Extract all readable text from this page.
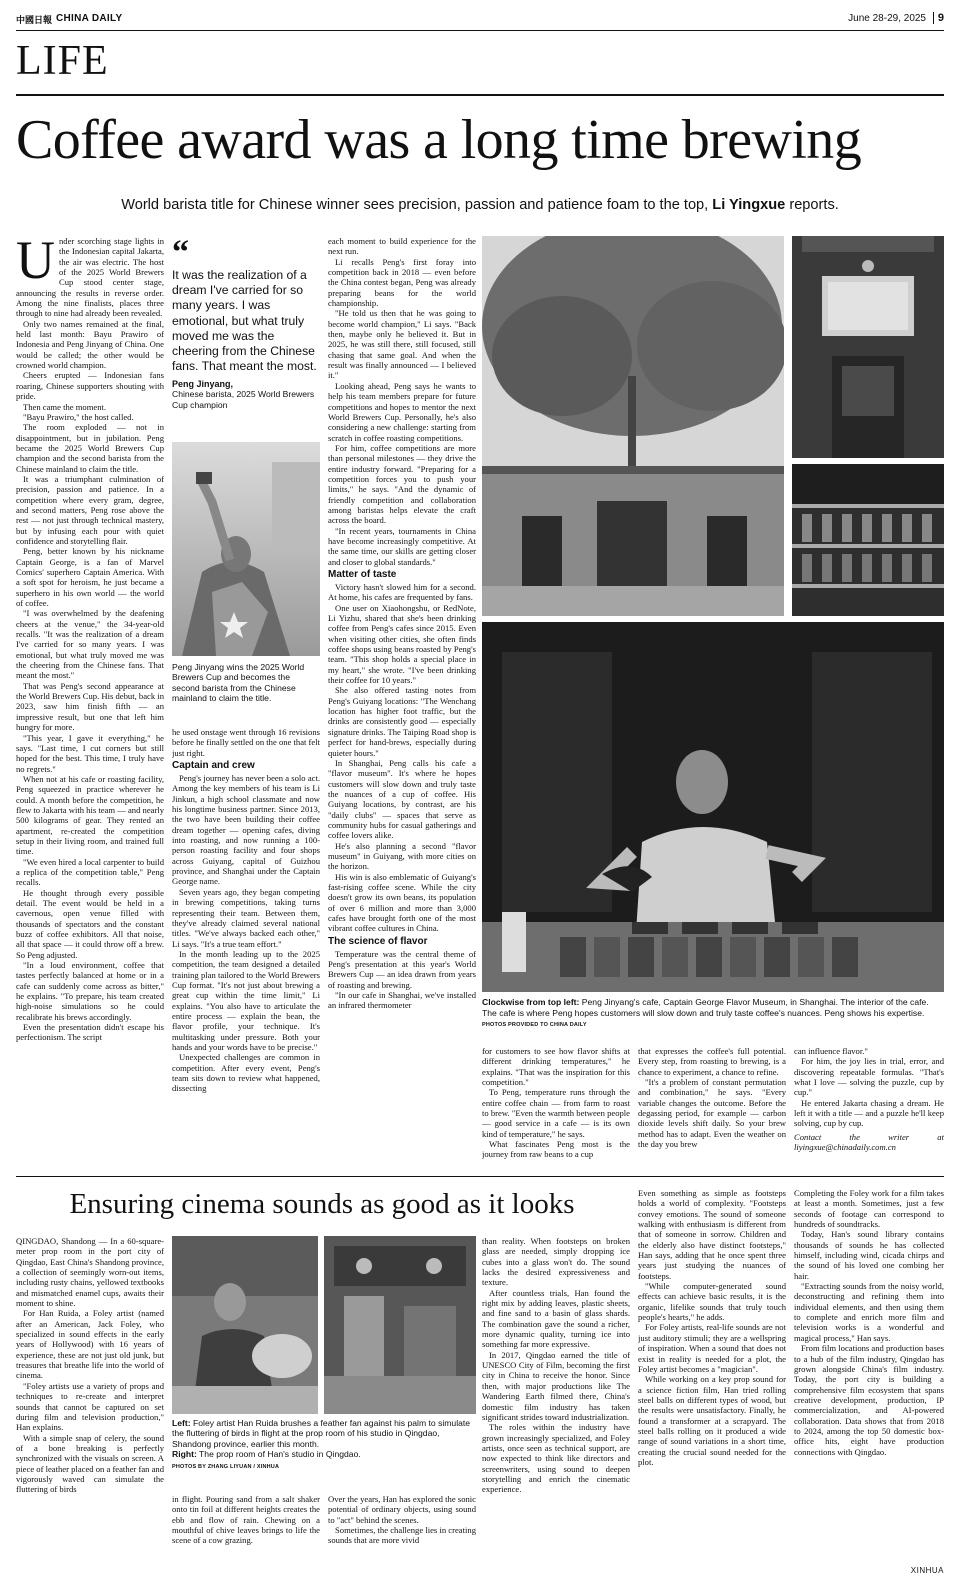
中國日報 CHINA DAILY	June 28-29, 2025	9
LIFE
Coffee award was a long time brewing
World barista title for Chinese winner sees precision, passion and patience foam to the top, Li Yingxue reports.
U nder scorching stage lights in the Indonesian capital Jakarta, the air was electric. The host of the 2025 World Brewers Cup stood center stage, announcing the results in reverse order. Among the nine finalists, places three through to nine had already been revealed.

Only two names remained at the final, held last month: Bayu Prawiro of Indonesia and Peng Jinyang of China. One would be called; the other would be crowned world champion.

Cheers erupted — Indonesian fans roaring, Chinese supporters shouting with pride.

Then came the moment.

"Bayu Prawiro," the host called.

The room exploded — not in disappointment, but in jubilation. Peng became the 2025 World Brewers Cup champion and the second barista from the Chinese mainland to claim the title.

It was a triumphant culmination of precision, passion and patience. In a competition where every gram, degree, and second matters, Peng rose above the rest — not just through technical mastery, but by infusing each pour with quiet confidence and storytelling flair.

Peng, better known by his nickname Captain George, is a fan of Marvel Comics' superhero Captain America. With a soft spot for heroism, he just became a superhero in his own world — the world of coffee.

"I was overwhelmed by the deafening cheers at the venue," the 34-year-old recalls. "It was the realization of a dream I've carried for so many years. I was emotional, but what truly moved me was the cheering from the Chinese fans. That meant the most."

That was Peng's second appearance at the World Brewers Cup. His debut, back in 2023, saw him finish fifth — an impressive result, but one that left him hungry for more.

"This year, I gave it everything," he says. "Last time, I cut corners but still hoped for the best. This time, I truly have no regrets."

When not at his cafe or roasting facility, Peng squeezed in practice wherever he could. A month before the competition, he flew to Jakarta with his team — and nearly 500 kilograms of gear. They rented an apartment, re-created the competition setup in their living room, and trained full time.

"We even hired a local carpenter to build a replica of the competition table," Peng recalls.

He thought through every possible detail. The event would be held in a cavernous, open venue filled with thousands of spectators and the constant buzz of coffee exhibitors. All that noise, all that space — it could throw off a brew. So Peng adjusted.

"In a loud environment, coffee that tastes perfectly balanced at home or in a cafe can suddenly come across as bitter," he explains. "To prepare, his team created high-noise simulations so he could recalibrate his brews accordingly.

Even the presentation didn't escape his perfectionism. The script

“
It was the realization of a dream I've carried for so many years. I was emotional, but what truly moved me was the cheering from the Chinese fans. That meant the most.
Peng Jinyang,
Chinese barista, 2025 World Brewers Cup champion
Peng Jinyang wins the 2025 World Brewers Cup and becomes the second barista from the Chinese mainland to claim the title.

he used onstage went through 16 revisions before he finally settled on the one that felt just right.

Captain and crew

Peng's journey has never been a solo act. Among the key members of his team is Li Jinkun, a high school classmate and now his longtime business partner. Since 2013, the two have been building their coffee dream together — opening cafes, diving into roasting, and now running a 100-person roasting facility and four shops across Guiyang, capital of Guizhou province, and Shanghai under the Captain George name.

Seven years ago, they began competing in brewing competitions, taking turns representing their team. Between them, they've already claimed several national titles. "We've always backed each other," Li says. "It's a true team effort."

In the month leading up to the 2025 competition, the team designed a detailed training plan tailored to the World Brewers Cup format. "It's not just about brewing a great cup within the time limit," Li explains. "You also have to articulate the entire process — explain the bean, the flavor profile, your technique. It's multitasking under pressure. Both your hands and your words have to be precise."

Unexpected challenges are common in competition. After every event, Peng's team sits down to review what happened, dissecting

each moment to build experience for the next run.

Li recalls Peng's first foray into competition back in 2018 — even before the China contest began, Peng was already preparing beans for the world championship.

"He told us then that he was going to become world champion," Li says. "Back then, maybe only he believed it. But in 2025, he was still there, still focused, still chasing that same goal. And when the result was finally announced — I believed it."

Looking ahead, Peng says he wants to help his team members prepare for future competitions and hopes to mentor the next World Brewers Cup. Personally, he's also considering a new challenge: starting from scratch in coffee roasting competitions.

For him, coffee competitions are more than personal milestones — they drive the entire industry forward. "Preparing for a competition forces you to push your limits," he says. "And the dynamic of friendly competition and collaboration among baristas helps elevate the craft across the board.

"In recent years, tournaments in China have become increasingly competitive. At the same time, our skills are getting closer and closer to global standards."

Matter of taste

Victory hasn't slowed him for a second. At home, his cafes are frequented by fans.

One user on Xiaohongshu, or RedNote, Li Yizhu, shared that she's been drinking coffee from Peng's cafes since 2015. Even when visiting other cities, she often finds coffee shops using beans roasted by Peng's team. "This shop holds a special place in my heart," she wrote. "I've been drinking their coffee for 10 years."

She also offered tasting notes from Peng's Guiyang locations: "The Wenchang location has higher foot traffic, but the drinks are consistently good — especially signature drinks. The Taiping Road shop is perfect for hand-brews, especially during quieter hours."

In Shanghai, Peng calls his cafe a "flavor museum". It's where he hopes customers will slow down and truly taste the nuances of a cup of coffee. His Guiyang locations, by contrast, are his "daily clubs" — spaces that serve as community hubs for casual gatherings and coffee lovers alike.

He's also planning a second "flavor museum" in Guiyang, with more cities on the horizon.

His win is also emblematic of Guiyang's fast-rising coffee scene. While the city doesn't grow its own beans, its population of over 6 million and more than 3,000 cafes have brought forth one of the most vibrant coffee cultures in China.

The science of flavor

Temperature was the central theme of Peng's presentation at this year's World Brewers Cup — an idea drawn from years of roasting and brewing.

"In our cafe in Shanghai, we've installed an infrared thermometer	Clockwise from top left: Peng Jinyang's cafe, Captain George Flavor Museum, in Shanghai. The interior of the cafe. The cafe is where Peng hopes customers will slow down and truly taste coffee's nuances. Peng shows his expertise. PHOTOS PROVIDED TO CHINA DAILY

for customers to see how flavor shifts at different drinking temperatures," he explains. "That was the inspiration for this competition."

To Peng, temperature runs through the entire coffee chain — from farm to roast to brew. "Even the warmth between people — good service in a cafe — is its own kind of temperature," he says.

What fascinates Peng most is the journey from raw beans to a cup

that expresses the coffee's full potential. Every step, from roasting to brewing, is a chance to experiment, a chance to refine.

"It's a problem of constant permutation and combination," he says. "Every variable changes the outcome. Before the degassing period, for example — carbon dioxide levels shift daily. So your brew method has to adapt. Even the weather on the day you brew

can influence flavor."

For him, the joy lies in trial, error, and discovering repeatable formulas. "That's what I love — solving the puzzle, cup by cup."

He entered Jakarta chasing a dream. He left it with a title — and a puzzle he'll keep solving, cup by cup.

Contact the writer at liyingxue@chinadaily.com.cn

Ensuring cinema sounds as good as it looks

QINGDAO, Shandong — In a 60-square-meter prop room in the port city of Qingdao, East China's Shandong province, a collection of seemingly worn-out items, including rusty chains, yellowed textbooks and mismatched enamel cups, awaits their moment to shine.

For Han Ruida, a Foley artist (named after an American, Jack Foley, who specialized in sound effects in the early years of Hollywood) with 16 years of experience, these are not just old junk, but treasures that breathe life into the world of cinema.

"Foley artists use a variety of props and techniques to re-create and interpret sounds that cannot be captured on set during film and television production," Han explains.

With a simple snap of celery, the sound of a bone breaking is perfectly synchronized with the visuals on screen. A piece of leather placed on a feather fan and vigorously waved can simulate the fluttering of birds

Left: Foley artist Han Ruida brushes a feather fan against his palm to simulate the fluttering of birds in flight at the prop room of his studio in Qingdao, Shandong province, earlier this month.
Right: The prop room of Han's studio in Qingdao.
PHOTOS BY ZHANG LIYUAN / XINHUA

in flight. Pouring sand from a salt shaker onto tin foil at different heights creates the ebb and flow of rain. Chewing on a mouthful of chive leaves brings to life the scene of a cow grazing.

Over the years, Han has explored the sonic potential of ordinary objects, using sound to "act" behind the scenes.

Sometimes, the challenge lies in creating sounds that are more vivid

than reality. When footsteps on broken glass are needed, simply dropping ice cubes into a glass won't do. The sound lacks the desired expressiveness and texture.

After countless trials, Han found the right mix by adding leaves, plastic sheets, and fine sand to a basin of glass shards. The combination gave the sound a richer, more dynamic quality, turning ice into something far more expressive.

In 2017, Qingdao earned the title of UNESCO City of Film, becoming the first city in China to receive the honor. Since then, with major productions like The Wandering Earth filmed there, China's domestic film industry has taken significant strides toward industrialization.

The roles within the industry have grown increasingly specialized, and Foley artists, once seen as technical support, are now expected to think like directors and screenwriters, using sound to deepen storytelling and enrich the cinematic experience.

Even something as simple as footsteps holds a world of complexity. "Footsteps convey emotions. The sound of someone walking with enthusiasm is different from that of someone in sorrow. Children and the elderly also have distinct footsteps," Han says, adding that he once spent three years just studying the nuances of footsteps.

"While computer-generated sound effects can achieve basic results, it is the organic, lifelike sounds that truly touch people's hearts," he adds.

For Foley artists, real-life sounds are not just auditory stimuli; they are a wellspring of inspiration. When a sound that does not exist in reality is needed for a plot, the Foley artist becomes a "magician".

While working on a key prop sound for a science fiction film, Han tried rolling steel balls on different types of wood, but the results were unsatisfactory. Finally, he found a transformer at a scrapyard. The steel balls rolling on it produced a wide range of sound variations in a short time, creating the crucial sound needed for the plot.

Completing the Foley work for a film takes at least a month. Sometimes, just a few seconds of footage can correspond to hundreds of soundtracks.

Today, Han's sound library contains thousands of sounds he has collected himself, including wind, cicada chirps and the sound of his loved one combing her hair.

"Extracting sounds from the noisy world, deconstructing and refining them into individual elements, and then using them to complete and enrich more film and television works is a wonderful and magical process," Han says.

From film locations and production bases to a hub of the film industry, Qingdao has grown alongside China's film industry. Today, the port city is building a comprehensive film ecosystem that spans creative development, production, IP commercialization, and AI-powered collaboration. Data shows that from 2018 to 2024, among the top 50 domestic box-office hits, eight have production connections with Qingdao.

XINHUA
